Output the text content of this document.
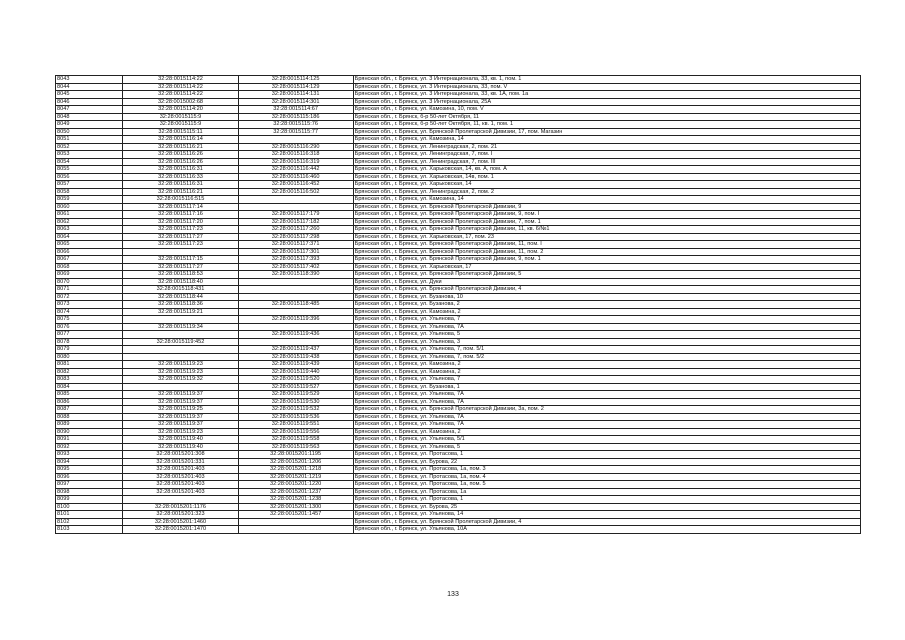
8043	32:28:0015114:22	32:28:0015114:125	Брянская обл., г. Брянск, ул. 3 Интернационала, 33, кв. 1, пом. 1
8044	32:28:0015114:22	32:28:0015114:129	Брянская обл., г. Брянск, ул. 3 Интернационала, 33, пом. V
8045	32:28:0015114:22	32:28:0015114:131	Брянская обл., г. Брянск, ул. 3 Интернационала, 33, кв. 1А, пом. 1а
8046	32:28:0015002:68	32:28:0015114:301	Брянская обл., г. Брянск, ул. 3 Интернационала, 25А
8047	32:28:0015114:20	32:28:0015114:67	Брянская обл., г. Брянск, ул. Камозина, 10, пом. V
8048	32:28:0015115:9	32:28:0015115:186	Брянская обл., г. Брянск, б-р 50-лет Октября, 11
8049	32:28:0015115:9	32:28:0015115:76	Брянская обл., г. Брянск, б-р 50-лет Октября, 11, кв. 1, пом. 1
8050	32:28:0015115:11	32:28:0015115:77	Брянская обл., г. Брянск, ул. Брянской Пролетарской Дивизии, 17, пом. Магазин
8051	32:28:0015116:14		Брянская обл., г. Брянск, ул. Камозина, 14
8052	32:28:0015116:21	32:28:0015116:290	Брянская обл., г. Брянск, ул. Ленинградская, 2, пом. 21
8053	32:28:0015116:26	32:28:0015116:318	Брянская обл., г. Брянск, ул. Ленинградская, 7, пом. I
8054	32:28:0015116:26	32:28:0015116:319	Брянская обл., г. Брянск, ул. Ленинградская, 7, пом. III
8055	32:28:0015116:31	32:28:0015116:442	Брянская обл., г. Брянск, ул. Харьковская, 14, кв. А, пом. А
8056	32:28:0015116:33	32:28:0015116:460	Брянская обл., г. Брянск, ул. Харьковская, 14в, пом. 1
8057	32:28:0015116:31	32:28:0015116:452	Брянская обл., г. Брянск, ул. Харьковская, 14
8058	32:28:0015116:21	32:28:0015116:502	Брянская обл., г. Брянск, ул. Ленинградская, 2, пом. 2
8059	32:28:0015116:515		Брянская обл., г. Брянск, ул. Камозина, 14
8060	32:28:0015117:14		Брянская обл., г. Брянск, ул. Брянской Пролетарской Дивизии, 9
8061	32:28:0015117:16	32:28:0015117:179	Брянская обл., г. Брянск, ул. Брянской Пролетарской Дивизии, 9, пом. I
8062	32:28:0015117:20	32:28:0015117:182	Брянская обл., г. Брянск, ул. Брянской Пролетарской Дивизии, 7, пом. 1
8063	32:28:0015117:23	32:28:0015117:260	Брянская обл., г. Брянск, ул. Брянской Пролетарской Дивизии, 11, кв. 6/№1
8064	32:28:0015117:27	32:28:0015117:298	Брянская обл., г. Брянск, ул. Харьковская, 17, пом. 23
8065	32:28:0015117:23	32:28:0015117:371	Брянская обл., г. Брянск, ул. Брянской Пролетарской Дивизии, 11, пом. I
8066		32:28:0015117:301	Брянская обл., г. Брянск, ул. Брянской Пролетарской Дивизии, 11, пом. 2
8067	32:28:0015117:15	32:28:0015117:393	Брянская обл., г. Брянск, ул. Брянской Пролетарской Дивизии, 9, пом. 1
8068	32:28:0015117:27	32:28:0015117:402	Брянская обл., г. Брянск, ул. Харьковская, 17
8069	32:28:0015118:53	32:28:0015118:390	Брянская обл., г. Брянск, ул. Брянской Пролетарской Дивизии, 5
8070	32:28:0015118:40		Брянская обл., г. Брянск, ул. Дуки
8071	32:28:0015118:431		Брянская обл., г. Брянск, ул. Брянской Пролетарской Дивизии, 4
8072	32:28:0015118:44		Брянская обл., г. Брянск, ул. Бузанова, 10
8073	32:28:0015118:36	32:28:0015118:485	Брянская обл., г. Брянск, ул. Бузанова, 2
8074	32:28:0015119:21		Брянская обл., г. Брянск, ул. Камозина, 2
8075		32:28:0015119:396	Брянская обл., г. Брянск, ул. Ульянова, 7
8076	32:28:0015119:34		Брянская обл., г. Брянск, ул. Ульянова, 7А
8077		32:28:0015119:436	Брянская обл., г. Брянск, ул. Ульянова, 5
8078	32:28:0015119:452		Брянская обл., г. Брянск, ул. Ульянова, 3
8079		32:28:0015119:437	Брянская обл., г. Брянск, ул. Ульянова, 7, пом. 5/1
8080		32:28:0015119:438	Брянская обл., г. Брянск, ул. Ульянова, 7, пом. 5/2
8081	32:28:0015119:23	32:28:0015119:439	Брянская обл., г. Брянск, ул. Камозина, 2
8082	32:28:0015119:23	32:28:0015119:440	Брянская обл., г. Брянск, ул. Камозина, 2
8083	32:28:0015119:32	32:28:0015119:520	Брянская обл., г. Брянск, ул. Ульянова, 7
8084		32:28:0015119:527	Брянская обл., г. Брянск, ул. Бузанова, 1
8085	32:28:0015119:37	32:28:0015119:529	Брянская обл., г. Брянск, ул. Ульянова, 7А
8086	32:28:0015119:37	32:28:0015119:530	Брянская обл., г. Брянск, ул. Ульянова, 7А
8087	32:28:0015119:25	32:28:0015119:532	Брянская обл., г. Брянск, ул. Брянской Пролетарской Дивизии, 3а, пом. 2
8088	32:28:0015119:37	32:28:0015119:536	Брянская обл., г. Брянск, ул. Ульянова, 7А
8089	32:28:0015119:37	32:28:0015119:551	Брянская обл., г. Брянск, ул. Ульянова, 7А
8090	32:28:0015119:23	32:28:0015119:556	Брянская обл., г. Брянск, ул. Камозина, 2
8091	32:28:0015119:40	32:28:0015119:558	Брянская обл., г. Брянск, ул. Ульянова, 5/1
8092	32:28:0015119:40	32:28:0015119:563	Брянская обл., г. Брянск, ул. Ульянова, 5
8093	32:28:0015201:308	32:28:0015201:1195	Брянская обл., г. Брянск, ул. Протасова, 1
8094	32:28:0015201:331	32:28:0015201:1206	Брянская обл., г. Брянск, ул. Бурова, 22
8095	32:28:0015201:403	32:28:0015201:1218	Брянская обл., г. Брянск, ул. Протасова, 1а, пом. 3
8096	32:28:0015201:403	32:28:0015201:1219	Брянская обл., г. Брянск, ул. Протасова, 1а, пом. 4
8097	32:28:0015201:403	32:28:0015201:1220	Брянская обл., г. Брянск, ул. Протасова, 1а, пом. 5
8098	32:28:0015201:403	32:28:0015201:1237	Брянская обл., г. Брянск, ул. Протасова, 1а
8099		32:28:0015201:1238	Брянская обл., г. Брянск, ул. Протасова, 1
8100	32:28:0015201:1176	32:28:0015201:1300	Брянская обл., г. Брянск, ул. Бурова, 25
8101	32:28:0015201:323	32:28:0015201:1457	Брянская обл., г. Брянск, ул. Ульянова, 14
8102	32:28:0015201:1460		Брянская обл., г. Брянск, ул. Брянской Пролетарской Дивизии, 4
8103	32:28:0015201:1470		Брянская обл., г. Брянск, ул. Ульянова, 10А
133
